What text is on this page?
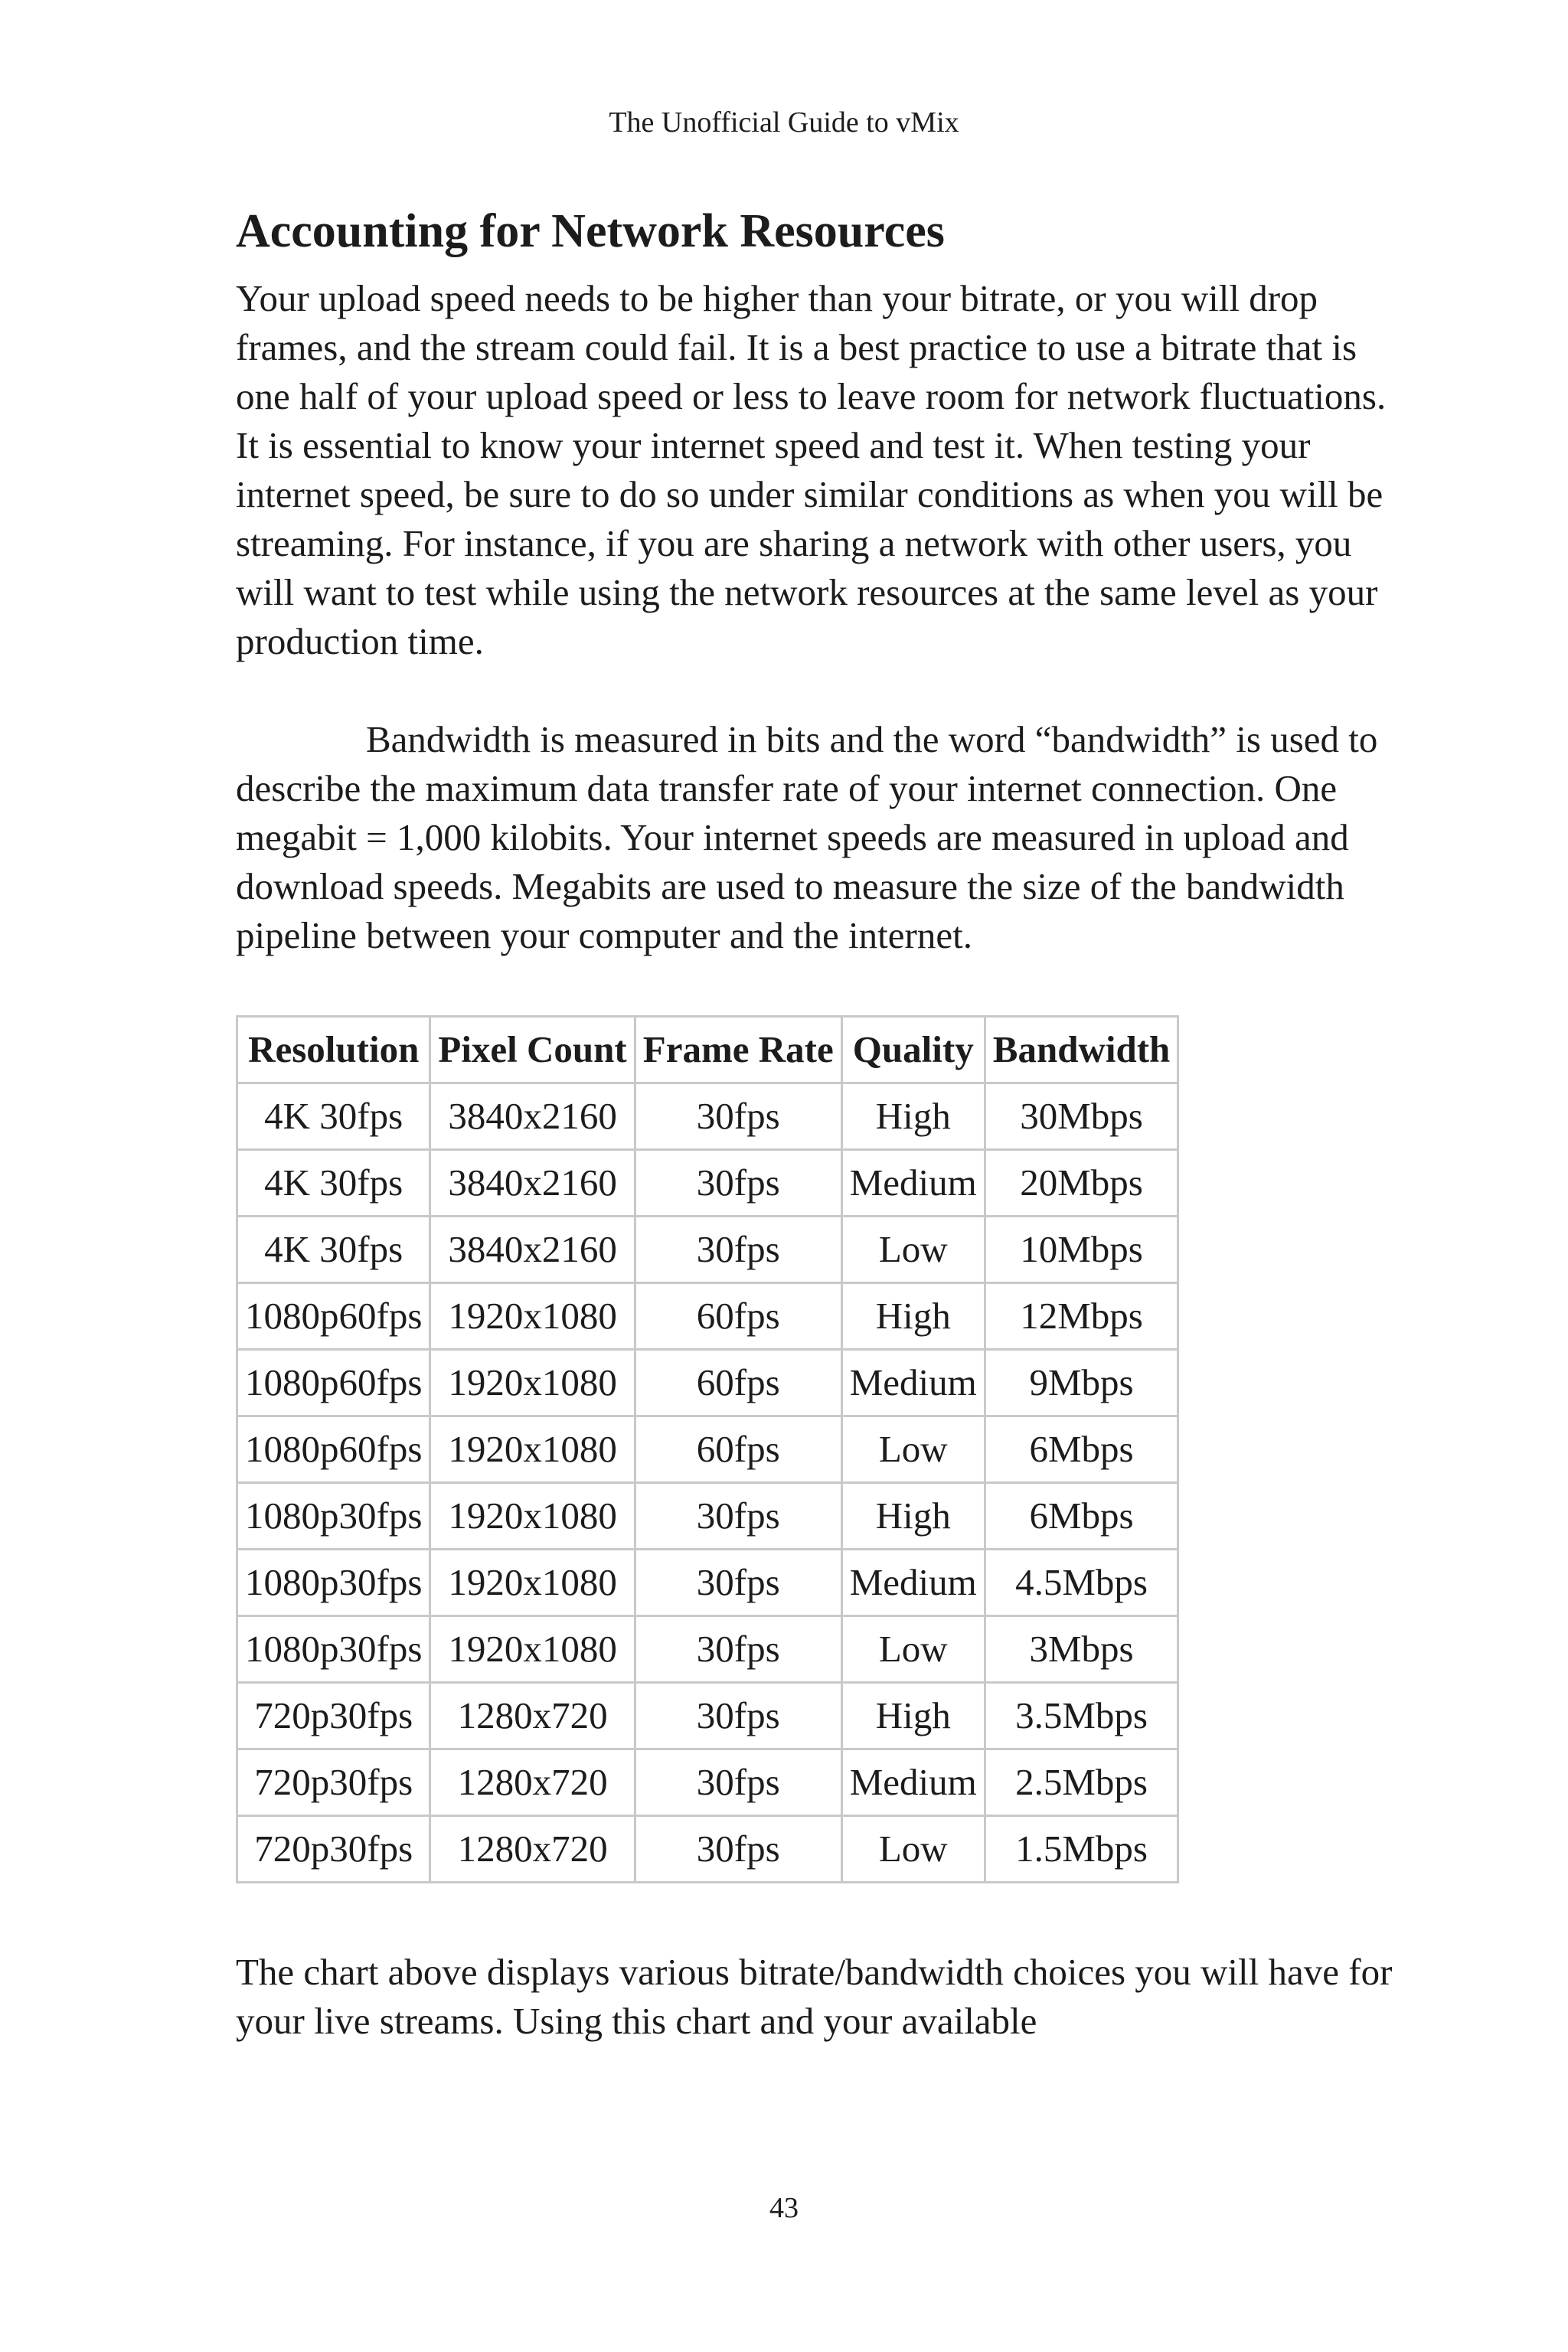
The Unofficial Guide to vMix
Accounting for Network Resources

Your upload speed needs to be higher than your bitrate, or you will drop frames, and the stream could fail. It is a best practice to use a bitrate that is one half of your upload speed or less to leave room for network fluctuations. It is essential to know your internet speed and test it. When testing your internet speed, be sure to do so under similar conditions as when you will be streaming. For instance, if you are sharing a network with other users, you will want to test while using the network resources at the same level as your production time.

Bandwidth is measured in bits and the word “bandwidth” is used to describe the maximum data transfer rate of your internet connection. One megabit = 1,000 kilobits. Your internet speeds are measured in upload and download speeds. Megabits are used to measure the size of the bandwidth pipeline between your computer and the internet.

Resolution	Pixel Count	Frame Rate	Quality	Bandwidth
4K 30fps	3840x2160	30fps	High	30Mbps
4K 30fps	3840x2160	30fps	Medium	20Mbps
4K 30fps	3840x2160	30fps	Low	10Mbps
1080p60fps	1920x1080	60fps	High	12Mbps
1080p60fps	1920x1080	60fps	Medium	9Mbps
1080p60fps	1920x1080	60fps	Low	6Mbps
1080p30fps	1920x1080	30fps	High	6Mbps
1080p30fps	1920x1080	30fps	Medium	4.5Mbps
1080p30fps	1920x1080	30fps	Low	3Mbps
720p30fps	1280x720	30fps	High	3.5Mbps
720p30fps	1280x720	30fps	Medium	2.5Mbps
720p30fps	1280x720	30fps	Low	1.5Mbps

The chart above displays various bitrate/bandwidth choices you will have for your live streams. Using this chart and your available

43
